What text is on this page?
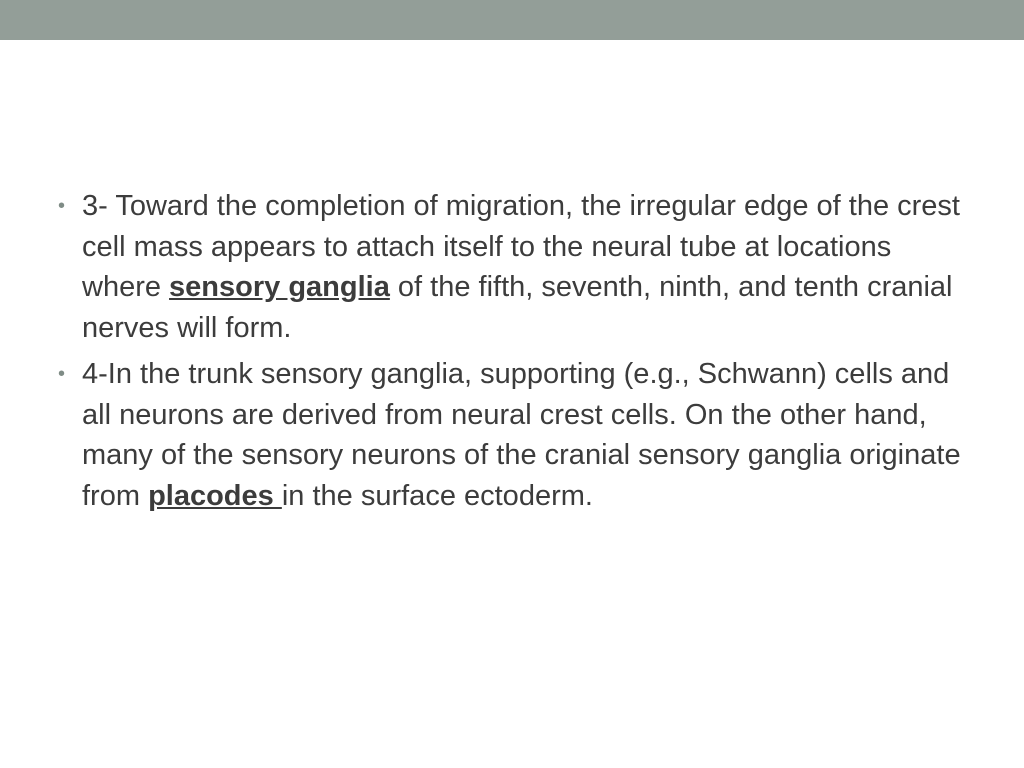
• 3- Toward the completion of migration, the irregular edge of the crest cell mass appears to attach itself to the neural tube at locations where sensory ganglia of the fifth, seventh, ninth, and tenth cranial nerves will form.

• 4-In the trunk sensory ganglia, supporting (e.g., Schwann) cells and all neurons are derived from neural crest cells. On the other hand, many of the sensory neurons of the cranial sensory ganglia originate from placodes in the surface ectoderm.
